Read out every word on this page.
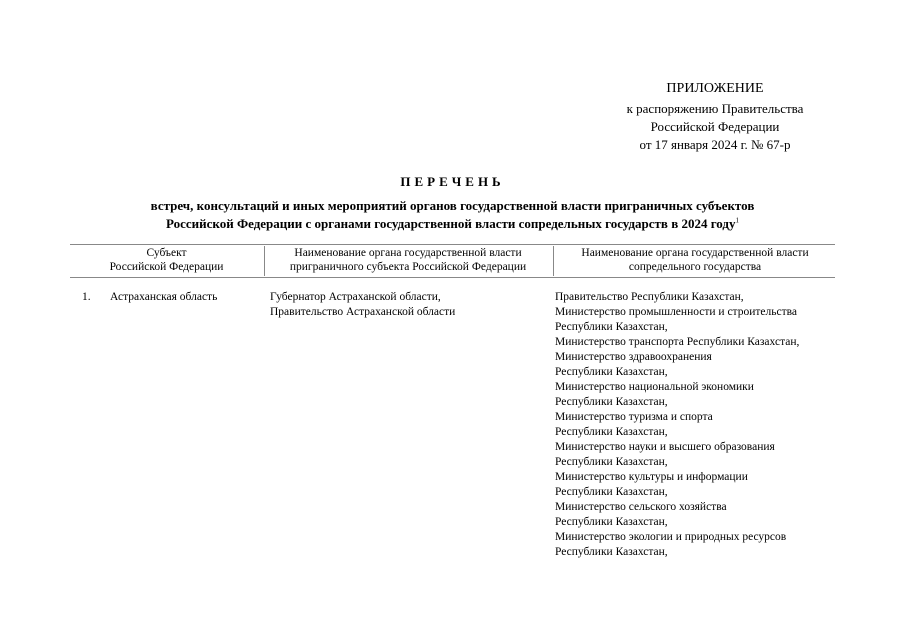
ПРИЛОЖЕНИЕ
к распоряжению Правительства
Российской Федерации
от 17 января 2024 г. № 67-р
ПЕРЕЧЕНЬ
встреч, консультаций и иных мероприятий органов государственной власти приграничных субъектов
Российской Федерации с органами государственной власти сопредельных государств в 2024 году$^1$
Субъект
Российской Федерации
Наименование органа государственной власти
приграничного субъекта Российской Федерации
Наименование органа государственной власти
сопредельного государства
1.	Астраханская область	Губернатор Астраханской области,
Правительство Астраханской области
Правительство Республики Казахстан,
Министерство промышленности и строительства
Республики Казахстан,
Министерство транспорта Республики Казахстан,
Министерство здравоохранения
Республики Казахстан,
Министерство национальной экономики
Республики Казахстан,
Министерство туризма и спорта
Республики Казахстан,
Министерство науки и высшего образования
Республики Казахстан,
Министерство культуры и информации
Республики Казахстан,
Министерство сельского хозяйства
Республики Казахстан,
Министерство экологии и природных ресурсов
Республики Казахстан,
